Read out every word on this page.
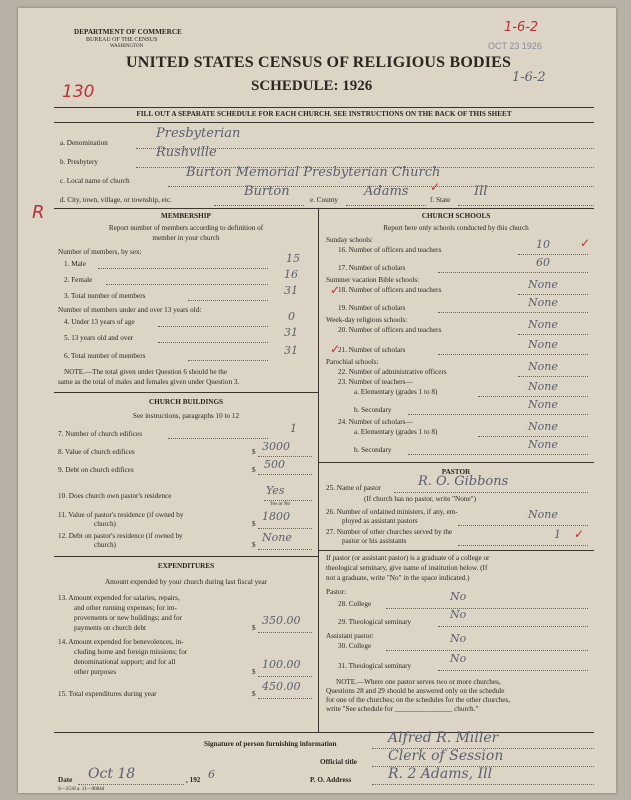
DEPARTMENT OF COMMERCE
BUREAU OF THE CENSUS
WASHINGTON
UNITED STATES CENSUS OF RELIGIOUS BODIES
SCHEDULE: 1926
130
OCT 23 1926
1-6-2
1-6-2
R
FILL OUT A SEPARATE SCHEDULE FOR EACH CHURCH. SEE INSTRUCTIONS ON THE BACK OF THIS SHEET
a. Denomination
Presbyterian
b. Presbytery
Rushville
c. Local name of church
Burton Memorial Presbyterian Church
d. City, town, village, or township, etc.
Burton
e. County
Adams
f. State
Ill
MEMBERSHIP
Report number of members according to definition of
member in your church
Number of members, by sex:
1. Male	15
2. Female	16
3. Total number of members	31
Number of members under and over 13 years old:
4. Under 13 years of age	0
5. 13 years old and over	31
6. Total number of members	31
NOTE.—The total given under Question 6 should be the
same as the total of males and females given under Question 3.
CHURCH BUILDINGS
See instructions, paragraphs 10 to 12
7. Number of church edifices	1
8. Value of church edifices	$ 3000
9. Debt on church edifices	$ 500
10. Does church own pastor's residence	Yes
Yes or No
11. Value of pastor's residence (if owned by
church)	$
1800
12. Debt on pastor's residence (if owned by
church)	$
None
EXPENDITURES
Amount expended by your church during last fiscal year
13. Amount expended for salaries, repairs,
and other running expenses; for im-
provements or new buildings; and for
payments on church debt	$
350.00
14. Amount expended for benevolences, in-
cluding home and foreign missions; for
denominational support; and for all
other purposes	$
100.00
15. Total expenditures during year	$
450.00
CHURCH SCHOOLS
Report here only schools conducted by this church
Sunday schools:
16. Number of officers and teachers	10
17. Number of scholars	60
Summer vacation Bible schools:
18. Number of officers and teachers	None
19. Number of scholars	None
Week-day religious schools:
20. Number of officers and teachers	None
21. Number of scholars	None
Parochial schools:
22. Number of administrative officers	None
23. Number of teachers—
a. Elementary (grades 1 to 8)	None
b. Secondary	None
24. Number of scholars—
a. Elementary (grades 1 to 8)	None
b. Secondary	None
PASTOR
25. Name of pastor	R. O. Gibbons
(If church has no pastor, write "None")
26. Number of ordained ministers, if any, em-
ployed as assistant pastors	None
27. Number of other churches served by the
pastor or his assistants	1
If pastor (or assistant pastor) is a graduate of a college or
theological seminary, give name of institution below. (If
not a graduate, write "No" in the space indicated.)
Pastor:
28. College
No
29. Theological seminary
No
Assistant pastor:
30. College
No
31. Theological seminary
No
NOTE.—Where one pastor serves two or more churches,
Questions 28 and 29 should be answered only on the schedule
for one of the churches; on the schedules for the other churches,
write "See schedule for ________________ church."
Signature of person furnishing information	Alfred R. Miller
Official title Clerk of Session
Date Oct 18	, 192 6	P. O. Address	R. 2 Adams, Ill
S—2518 a. 11—9084d
✓
✓
✓
✓
✓
